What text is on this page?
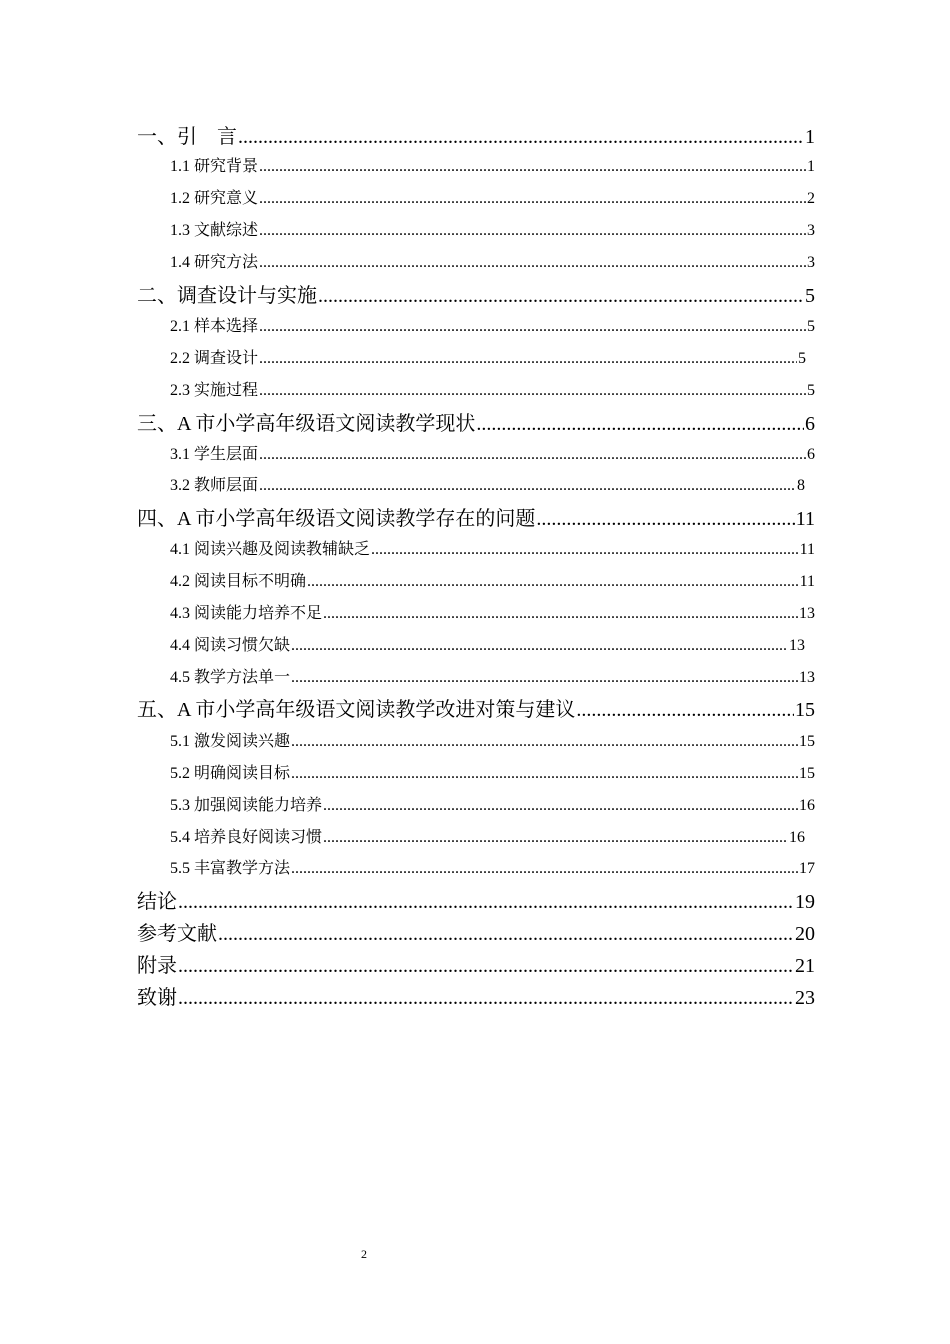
一、引　言 .....	1
1.1 研究背景 .....	1
1.2 研究意义 .....	2
1.3 文献综述 .....	3
1.4 研究方法 .....	3
二、调查设计与实施 .....	5
2.1 样本选择 .....	5
2.2 调查设计 .....	5
2.3 实施过程 .....	5
三、A 市小学高年级语文阅读教学现状 .....	6
3.1 学生层面 .....	6
3.2 教师层面 .....	8
四、A 市小学高年级语文阅读教学存在的问题 .....	11
4.1 阅读兴趣及阅读教辅缺乏 .....	11
4.2 阅读目标不明确 .....	11
4.3 阅读能力培养不足 .....	13
4.4 阅读习惯欠缺 .....	13
4.5 教学方法单一 .....	13
五、A 市小学高年级语文阅读教学改进对策与建议 .....	15
5.1 激发阅读兴趣 .....	15
5.2 明确阅读目标 .....	15
5.3 加强阅读能力培养 .....	16
5.4 培养良好阅读习惯 .....	16
5.5 丰富教学方法 .....	17
结论 .....	19
参考文献 .....	20
附录 .....	21
致谢 .....	23
2
